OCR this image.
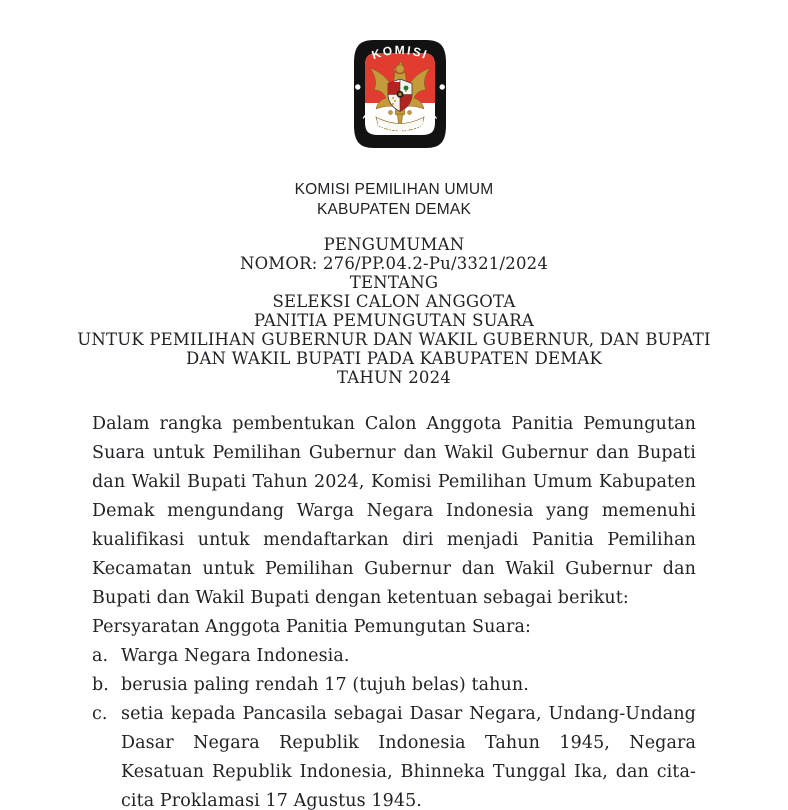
KOMISI
PEMILIHAN UMUM
KOMISI PEMILIHAN UMUM
KABUPATEN DEMAK
PENGUMUMAN
NOMOR: 276/PP.04.2-Pu/3321/2024
TENTANG
SELEKSI CALON ANGGOTA
PANITIA PEMUNGUTAN SUARA
UNTUK PEMILIHAN GUBERNUR DAN WAKIL GUBERNUR, DAN BUPATI
DAN WAKIL BUPATI PADA KABUPATEN DEMAK
TAHUN 2024

Dalam rangka pembentukan Calon Anggota Panitia Pemungutan Suara untuk Pemilihan Gubernur dan Wakil Gubernur dan Bupati dan Wakil Bupati Tahun 2024, Komisi Pemilihan Umum Kabupaten Demak mengundang Warga Negara Indonesia yang memenuhi kualifikasi untuk mendaftarkan diri menjadi Panitia Pemilihan Kecamatan untuk Pemilihan Gubernur dan Wakil Gubernur dan Bupati dan Wakil Bupati dengan ketentuan sebagai berikut:

Persyaratan Anggota Panitia Pemungutan Suara:

a. Warga Negara Indonesia.
b. berusia paling rendah 17 (tujuh belas) tahun.
c. setia kepada Pancasila sebagai Dasar Negara, Undang-Undang Dasar Negara Republik Indonesia Tahun 1945, Negara Kesatuan Republik Indonesia, Bhinneka Tunggal Ika, dan cita-cita Proklamasi 17 Agustus 1945.
